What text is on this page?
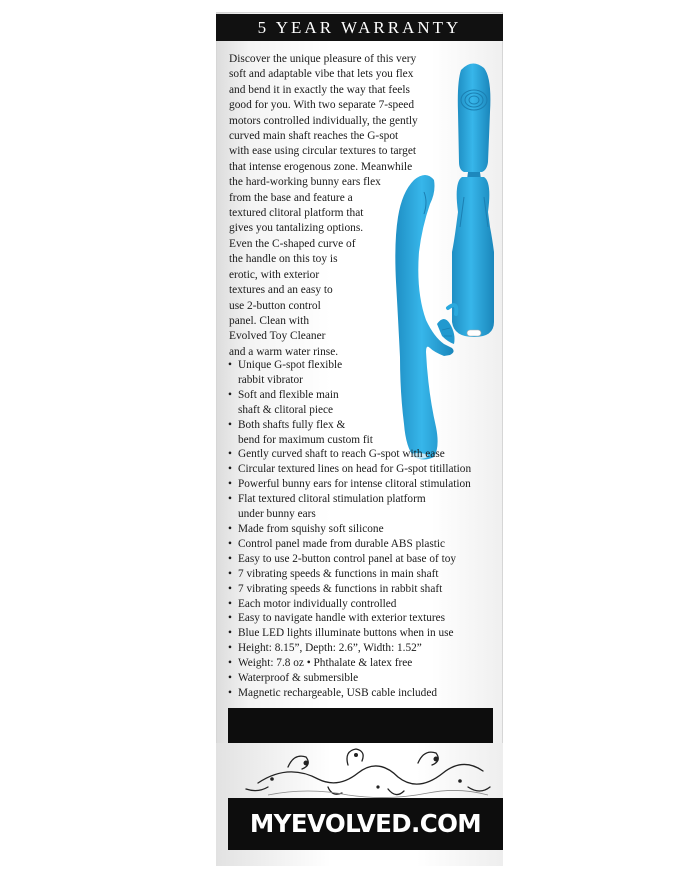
5 YEAR WARRANTY

Discover the unique pleasure of this very
soft and adaptable vibe that lets you flex
and bend it in exactly the way that feels
good for you. With two separate 7-speed
motors controlled individually, the gently
curved main shaft reaches the G-spot
with ease using circular textures to target
that intense erogenous zone. Meanwhile
the hard-working bunny ears flex
from the base and feature a
textured clitoral platform that
gives you tantalizing options.
Even the C-shaped curve of
the handle on this toy is
erotic, with exterior
textures and an easy to
use 2-button control
panel. Clean with
Evolved Toy Cleaner
and a warm water rinse.

• Unique G-spot flexible
rabbit vibrator
• Soft and flexible main
shaft & clitoral piece
• Both shafts fully flex &
bend for maximum custom fit
• Gently curved shaft to reach G-spot with ease
• Circular textured lines on head for G-spot titillation
• Powerful bunny ears for intense clitoral stimulation
• Flat textured clitoral stimulation platform
under bunny ears
• Made from squishy soft silicone
• Control panel made from durable ABS plastic
• Easy to use 2-button control panel at base of toy
• 7 vibrating speeds & functions in main shaft
• 7 vibrating speeds & functions in rabbit shaft
• Each motor individually controlled
• Easy to navigate handle with exterior textures
• Blue LED lights illuminate buttons when in use
• Height: 8.15”, Depth: 2.6”, Width: 1.52”
• Weight: 7.8 oz • Phthalate & latex free
• Waterproof & submersible
• Magnetic rechargeable, USB cable included
MYEVOLVED.COM
